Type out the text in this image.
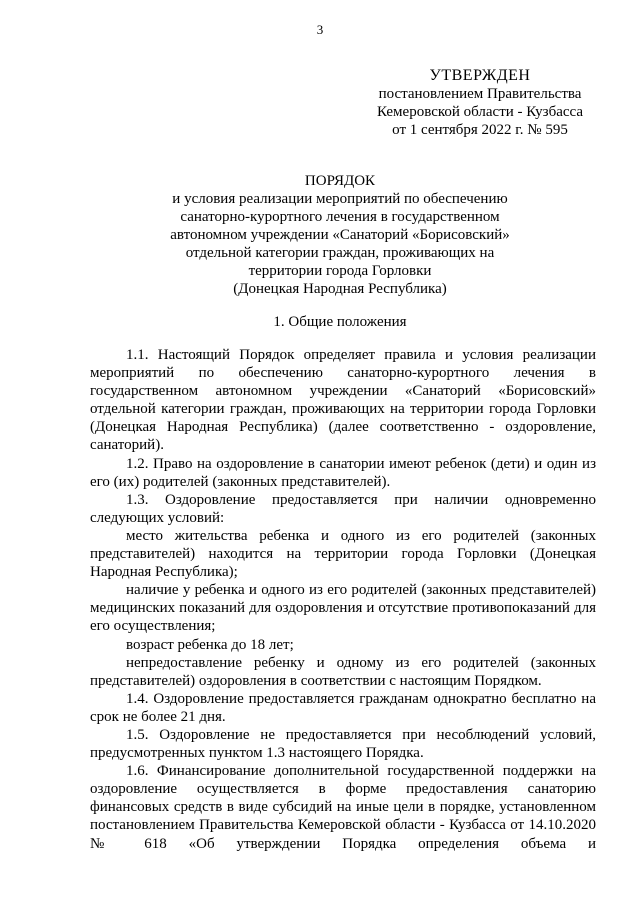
3
УТВЕРЖДЕН
постановлением Правительства
Кемеровской области - Кузбасса
от 1 сентября 2022 г. № 595
ПОРЯДОК
и условия реализации мероприятий по обеспечению
санаторно-курортного лечения в государственном
автономном учреждении «Санаторий «Борисовский»
отдельной категории граждан, проживающих на
территории города Горловки
(Донецкая Народная Республика)
1. Общие положения

1.1. Настоящий Порядок определяет правила и условия реализации мероприятий по обеспечению санаторно-курортного лечения в государственном автономном учреждении «Санаторий «Борисовский» отдельной категории граждан, проживающих на территории города Горловки (Донецкая Народная Республика) (далее соответственно - оздоровление, санаторий).

1.2. Право на оздоровление в санатории имеют ребенок (дети) и один из его (их) родителей (законных представителей).

1.3. Оздоровление предоставляется при наличии одновременно следующих условий:

место жительства ребенка и одного из его родителей (законных представителей) находится на территории города Горловки (Донецкая Народная Республика);

наличие у ребенка и одного из его родителей (законных представителей) медицинских показаний для оздоровления и отсутствие противопоказаний для его осуществления;

возраст ребенка до 18 лет;

непредоставление ребенку и одному из его родителей (законных представителей) оздоровления в соответствии с настоящим Порядком.

1.4. Оздоровление предоставляется гражданам однократно бесплатно на срок не более 21 дня.

1.5. Оздоровление не предоставляется при несоблюдений условий, предусмотренных пунктом 1.3 настоящего Порядка.

1.6. Финансирование дополнительной государственной поддержки на оздоровление осуществляется в форме предоставления санаторию финансовых средств в виде субсидий на иные цели в порядке, установленном постановлением Правительства Кемеровской области - Кузбасса от 14.10.2020 № 618 «Об утверждении Порядка определения объема и
